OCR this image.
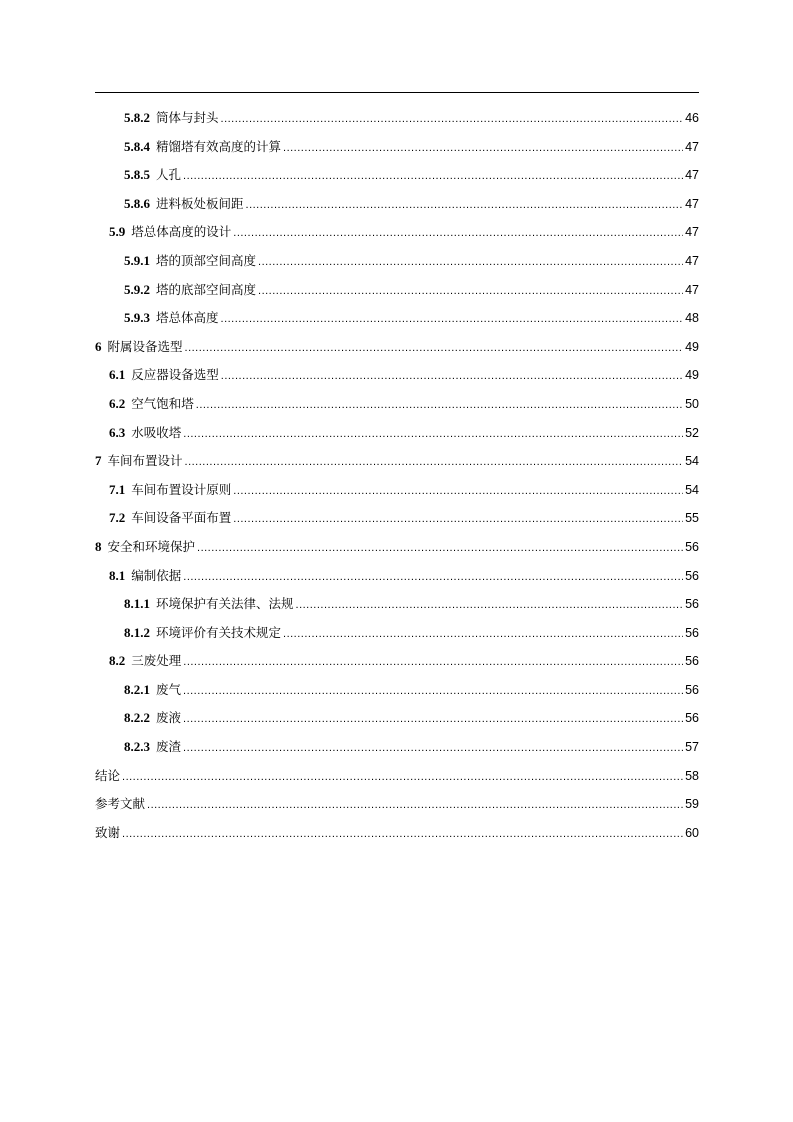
5.8.2 筒体与封头 .....	46
5.8.4 精馏塔有效高度的计算 .....	47
5.8.5 人孔 .....	47
5.8.6 进料板处板间距 .....	47
5.9 塔总体高度的设计 .....	47
5.9.1 塔的顶部空间高度 .....	47
5.9.2 塔的底部空间高度 .....	47
5.9.3 塔总体高度 .....	48
6 附属设备选型 .....	49
6.1 反应器设备选型 .....	49
6.2 空气饱和塔 .....	50
6.3 水吸收塔 .....	52
7 车间布置设计 .....	54
7.1 车间布置设计原则 .....	54
7.2 车间设备平面布置 .....	55
8 安全和环境保护 .....	56
8.1 编制依据 .....	56
8.1.1 环境保护有关法律、法规 .....	56
8.1.2 环境评价有关技术规定 .....	56
8.2 三废处理 .....	56
8.2.1 废气 .....	56
8.2.2 废液 .....	56
8.2.3 废渣 .....	57
结论 .....	58
参考文献 .....	59
致谢 .....	60
